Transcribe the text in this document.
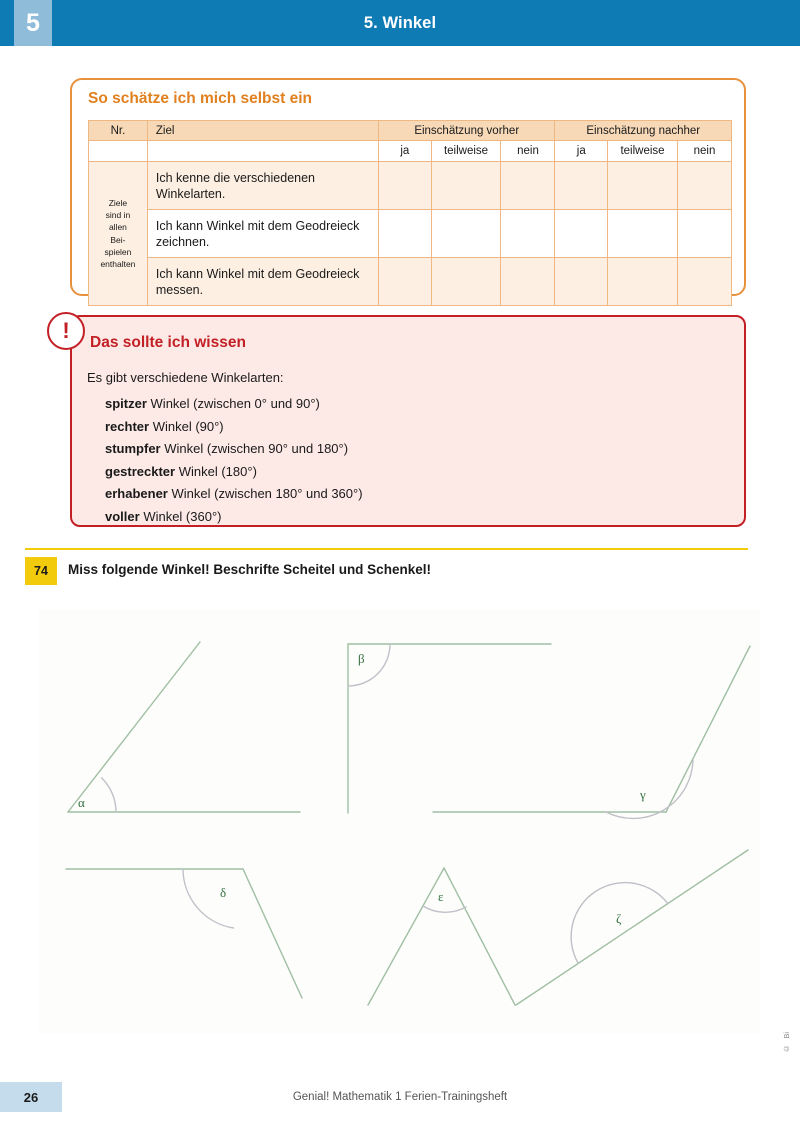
5. Winkel
5
So schätze ich mich selbst ein
Nr.	Ziel	Einschätzung vorher			Einschätzung nachher		
		ja	teilweise	nein	ja	teilweise	nein
Ziele
sind in
allen
Bei-
spielen
enthalten	Ich kenne die verschiedenen Winkelarten.						
	Ich kann Winkel mit dem Geodreieck zeichnen.						
	Ich kann Winkel mit dem Geodreieck messen.						
Das sollte ich wissen
Es gibt verschiedene Winkelarten:
spitzer Winkel (zwischen 0° und 90°)
rechter Winkel (90°)
stumpfer Winkel (zwischen 90° und 180°)
gestreckter Winkel (180°)
erhabener Winkel (zwischen 180° und 360°)
voller Winkel (360°)
!
74	Miss folgende Winkel! Beschrifte Scheitel und Schenkel!
α
β
γ
δ	ε
ζ
Bi
©
Genial! Mathematik 1 Ferien-Trainingsheft
26
